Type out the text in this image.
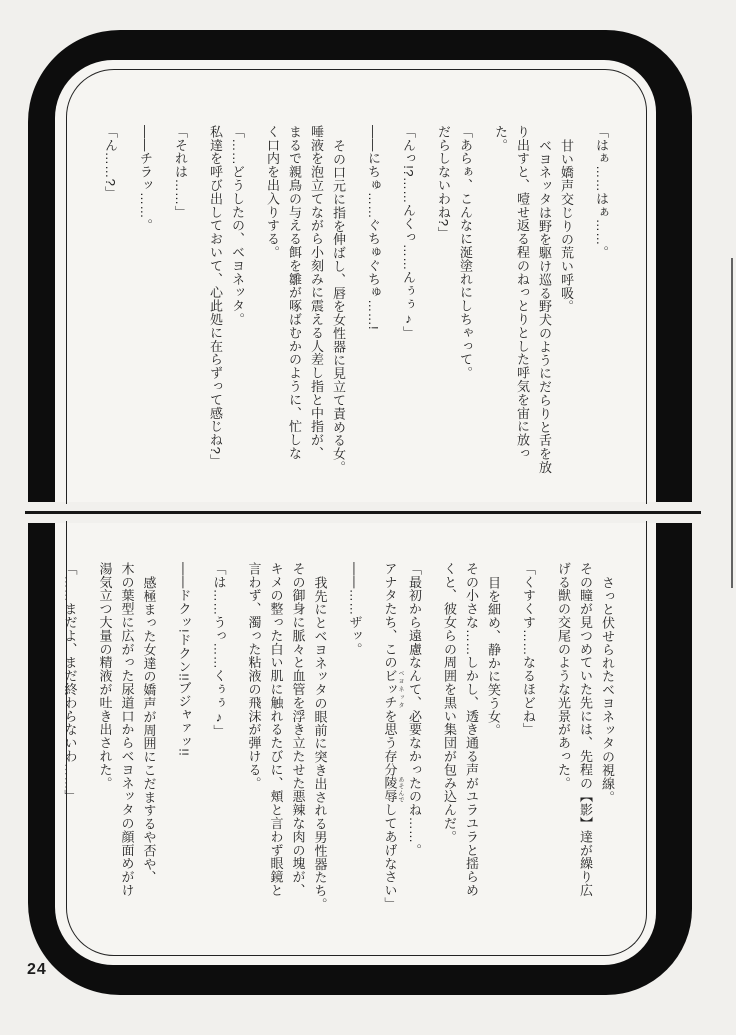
「はぁ……はぁ……。

甘い嬌声交じりの荒い呼吸。

ベヨネッタは野を駆け巡る野犬のようにだらりと舌を放

り出すと、噎せ返る程のねっとりとした呼気を宙に放っ

た。

「あらぁ、こんなに涎塗れにしちゃって。

だらしないわね?」

「んっ!?……んくっ……んぅぅ♪」

――にちゅ……ぐちゅぐちゅ……!

その口元に指を伸ばし、唇を女性器に見立て責める女。

唾液を泡立てながら小刻みに震える人差し指と中指が、

まるで親鳥の与える餌を雛が啄ばむかのように、忙しな

く口内を出入りする。

「……どうしたの、ベヨネッタ。

私達を呼び出しておいて、心此処に在らずって感じね?」

「それは……」

――チラッ……。

「ん……?」

さっと伏せられたベヨネッタの視線。

その瞳が見つめていた先には、先程の【影】達が繰り広

げる獣の交尾のような光景があった。

「くすくす……なるほどね」

目を細め、静かに笑う女。

その小さな……しかし、透き通る声がユラユラと揺らめ

くと、彼女らの周囲を黒い集団が包み込んだ。

「最初から遠慮なんて、必要なかったのね……。

アナタたち、このビッチ ベヨネッタを思う存分陵辱 あそんでしてあげなさい」

――……ザッ。

我先にとベヨネッタの眼前に突き出される男性器たち。

その御身に脈々と血管を浮き立たせた悪辣な肉の塊が、

キメの整った白い肌に触れるたびに、頬と言わず眼鏡と

言わず、濁った粘液の飛沫が弾ける。

「は……うっ……くぅぅ♪」

――ドクッ!ドクン!!ブジャァッ!!

感極まった女達の嬌声が周囲にこだまするや否や、

木の葉型に広がった尿道口からベヨネッタの顔面めがけ

湯気立つ大量の精液が吐き出された。

「……まだよ、まだ終わらないわ……」

24
